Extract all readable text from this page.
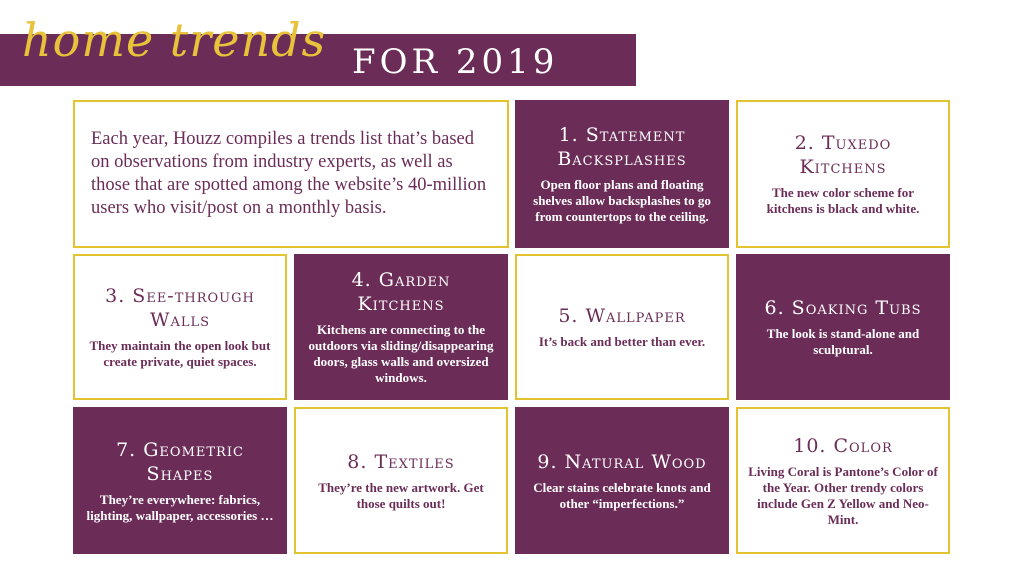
home trends FOR 2019
Each year, Houzz compiles a trends list that’s based on observations from industry experts, as well as those that are spotted among the website’s 40-million users who visit/post on a monthly basis.
1. Statement Backsplashes
Open floor plans and floating shelves allow backsplashes to go from countertops to the ceiling.
2. Tuxedo Kitchens
The new color scheme for kitchens is black and white.
3. See-through Walls
They maintain the open look but create private, quiet spaces.
4. Garden Kitchens
Kitchens are connecting to the outdoors via sliding/disappearing doors, glass walls and oversized windows.
5. Wallpaper
It’s back and better than ever.
6. Soaking Tubs
The look is stand-alone and sculptural.
7. Geometric Shapes
They’re everywhere: fabrics, lighting, wallpaper, accessories …
8. Textiles
They’re the new artwork. Get those quilts out!
9. Natural Wood
Clear stains celebrate knots and other “imperfections.”
10. Color
Living Coral is Pantone’s Color of the Year. Other trendy colors include Gen Z Yellow and Neo-Mint.
